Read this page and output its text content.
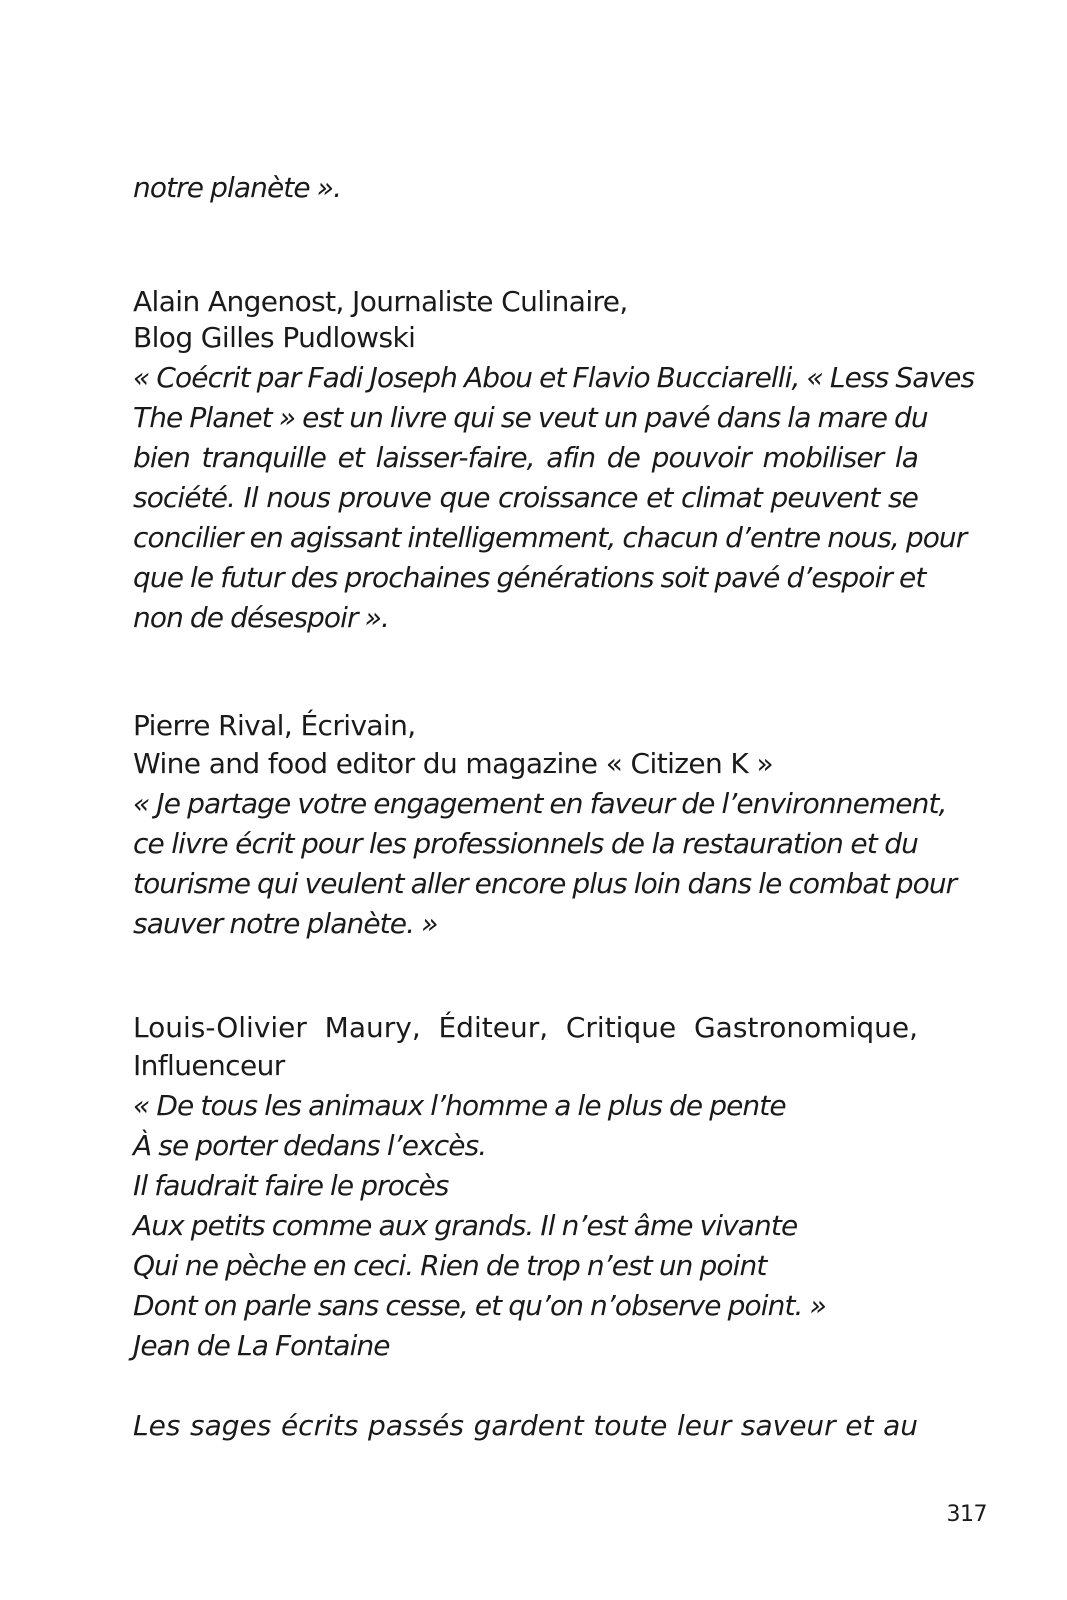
notre planète ».
Alain Angenost, Journaliste Culinaire,
Blog Gilles Pudlowski
« Coécrit par Fadi Joseph Abou et Flavio Bucciarelli, « Less Saves
The Planet » est un livre qui se veut un pavé dans la mare du
bien tranquille et laisser-faire, afin de pouvoir mobiliser la
société. Il nous prouve que croissance et climat peuvent se
concilier en agissant intelligemment, chacun d’entre nous, pour
que le futur des prochaines générations soit pavé d’espoir et
non de désespoir ».
Pierre Rival, Écrivain,
Wine and food editor du magazine « Citizen K »
« Je partage votre engagement en faveur de l’environnement,
ce livre écrit pour les professionnels de la restauration et du
tourisme qui veulent aller encore plus loin dans le combat pour
sauver notre planète. »
Louis-Olivier Maury, Éditeur, Critique Gastronomique,
Influenceur
« De tous les animaux l’homme a le plus de pente
À se porter dedans l’excès.
Il faudrait faire le procès
Aux petits comme aux grands. Il n’est âme vivante
Qui ne pèche en ceci. Rien de trop n’est un point
Dont on parle sans cesse, et qu’on n’observe point. »
Jean de La Fontaine
Les sages écrits passés gardent toute leur saveur et au
317
